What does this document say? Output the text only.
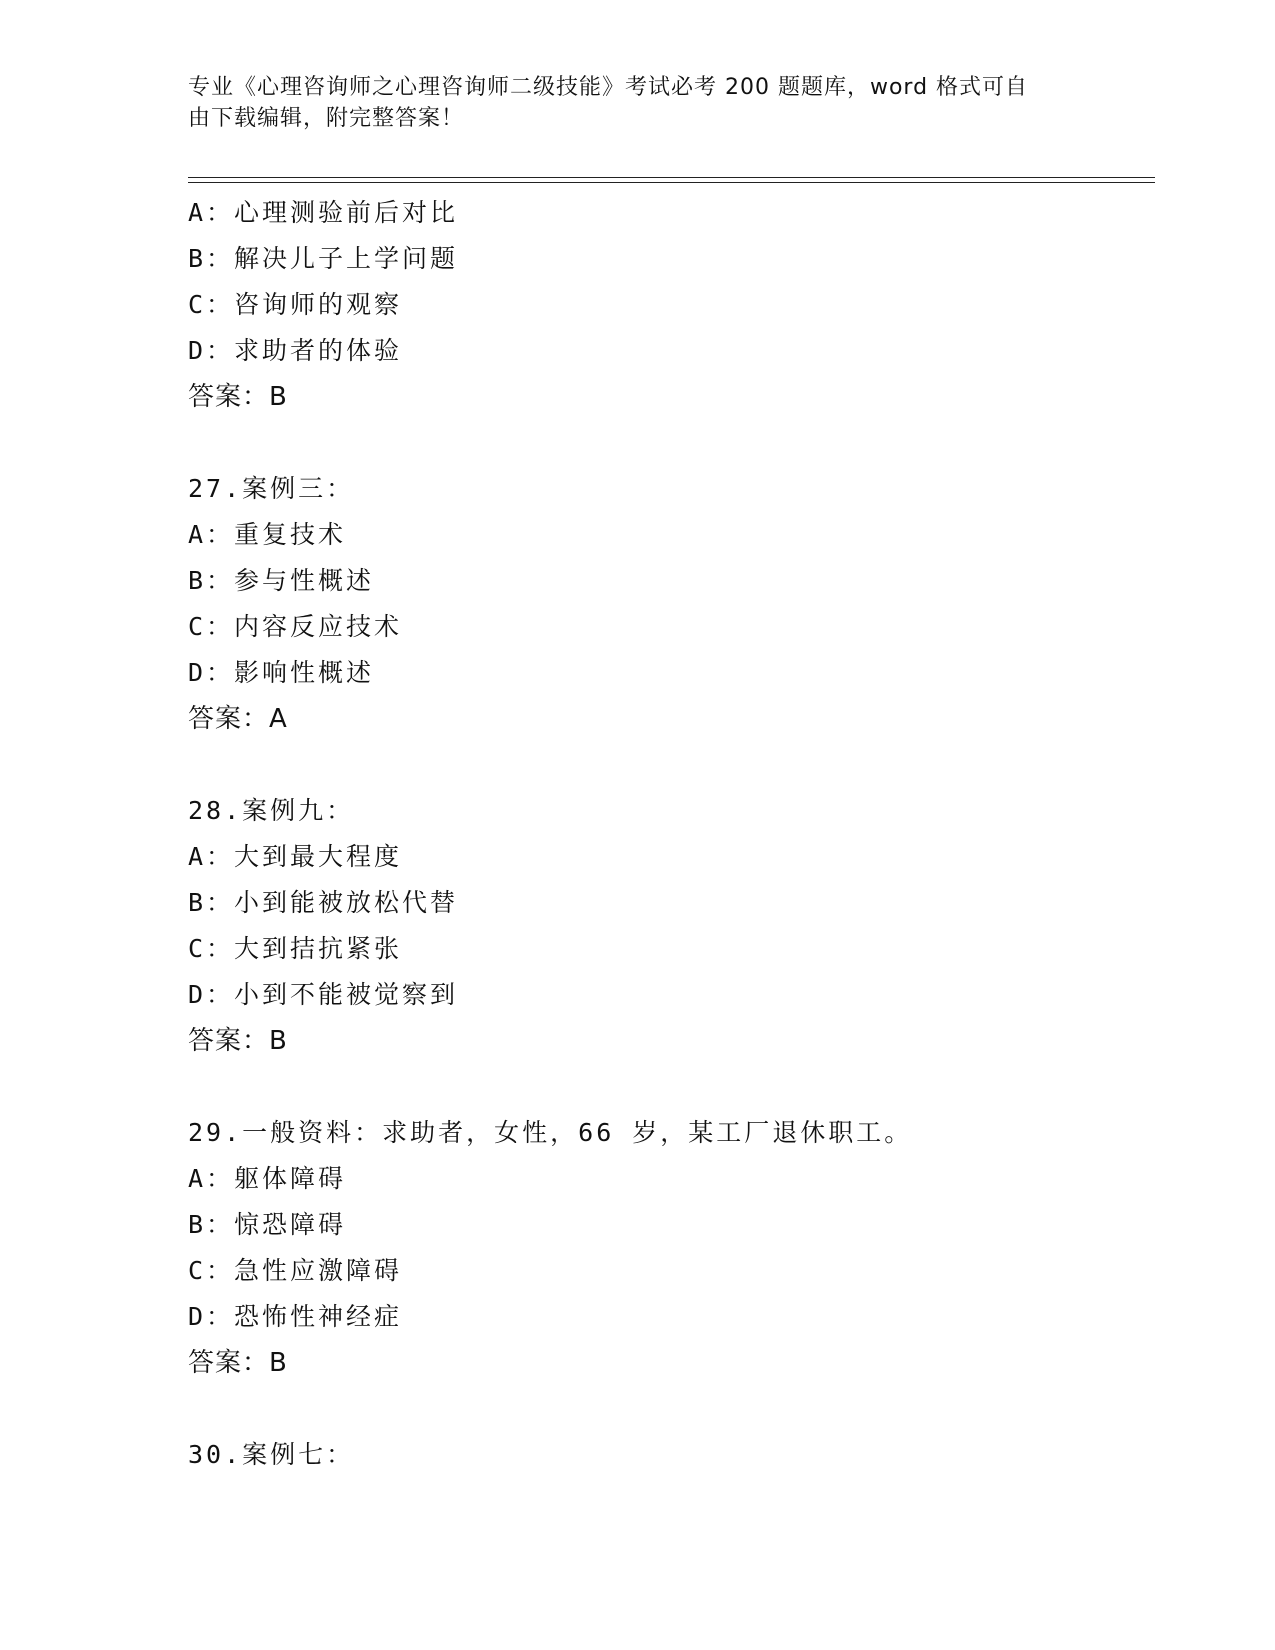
专业《心理咨询师之心理咨询师二级技能》考试必考 200 题题库，word 格式可自
由下载编辑，附完整答案！
A：心理测验前后对比
B：解决儿子上学问题
C：咨询师的观察
D：求助者的体验
答案：B
27.案例三：
A：重复技术
B：参与性概述
C：内容反应技术
D：影响性概述
答案：A
28.案例九：
A：大到最大程度
B：小到能被放松代替
C：大到拮抗紧张
D：小到不能被觉察到
答案：B
29.一般资料：求助者，女性，66 岁，某工厂退休职工。
A：躯体障碍
B：惊恐障碍
C：急性应激障碍
D：恐怖性神经症
答案：B
30.案例七：
